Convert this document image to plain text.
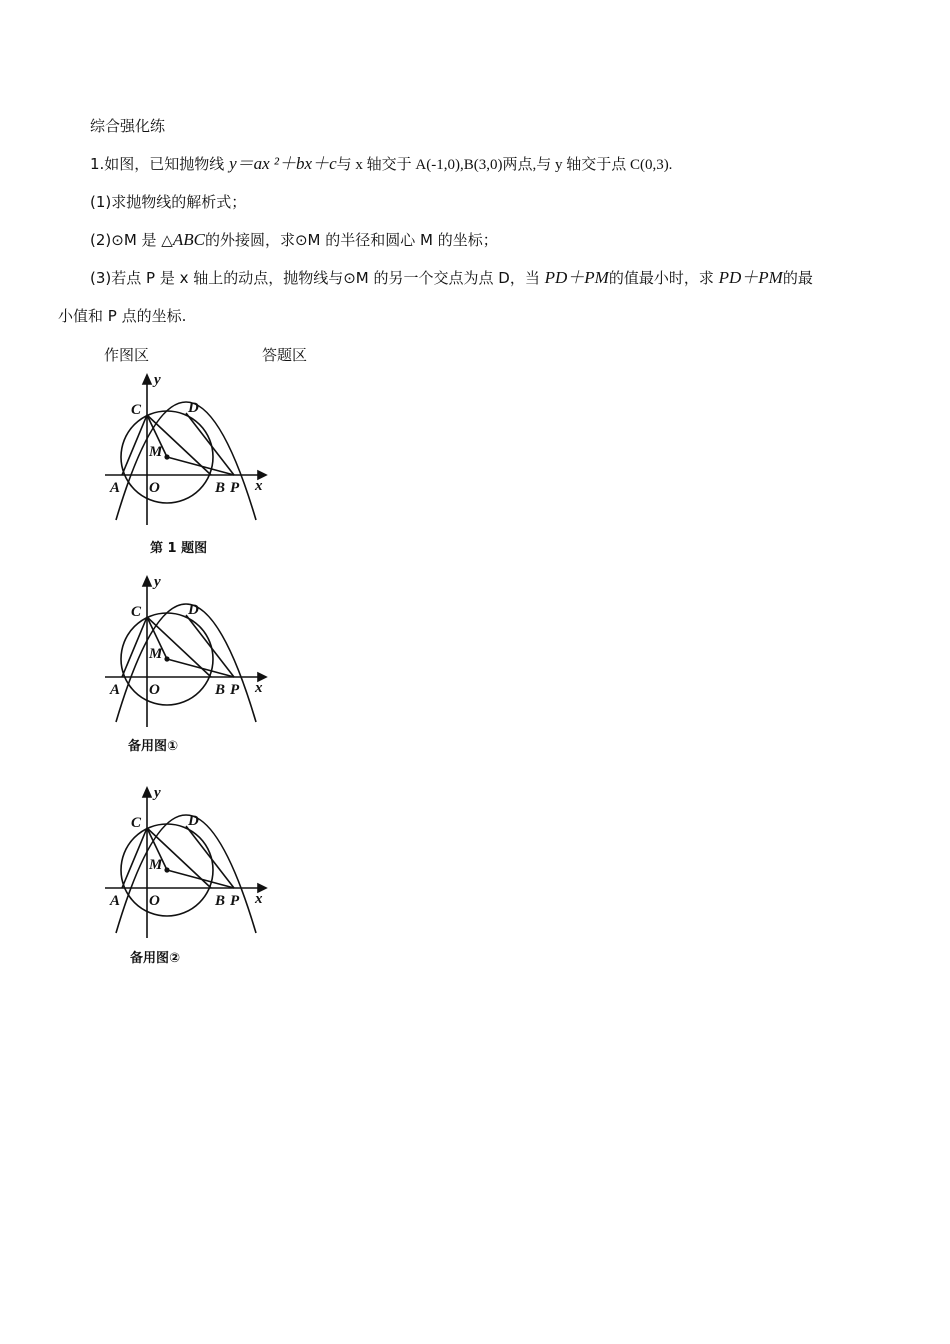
综合强化练
1.如图，已知抛物线 y＝ax ²＋bx＋c与 x 轴交于 A(-1,0),B(3,0)两点,与 y 轴交于点 C(0,3).
(1)求抛物线的解析式；
(2)⊙M 是 △ABC的外接圆，求⊙M 的半径和圆心 M 的坐标；
(3)若点 P 是 x 轴上的动点，抛物线与⊙M 的另一个交点为点 D，当 PD＋PM的值最小时，求 PD＋PM的最
小值和 P 点的坐标.
作图区	答题区
y
C	D
M
A O	B P x
第 1 题图
y
C	D
M
A O	B P x
备用图①
y
C	D
M
A O	B P x
备用图②
